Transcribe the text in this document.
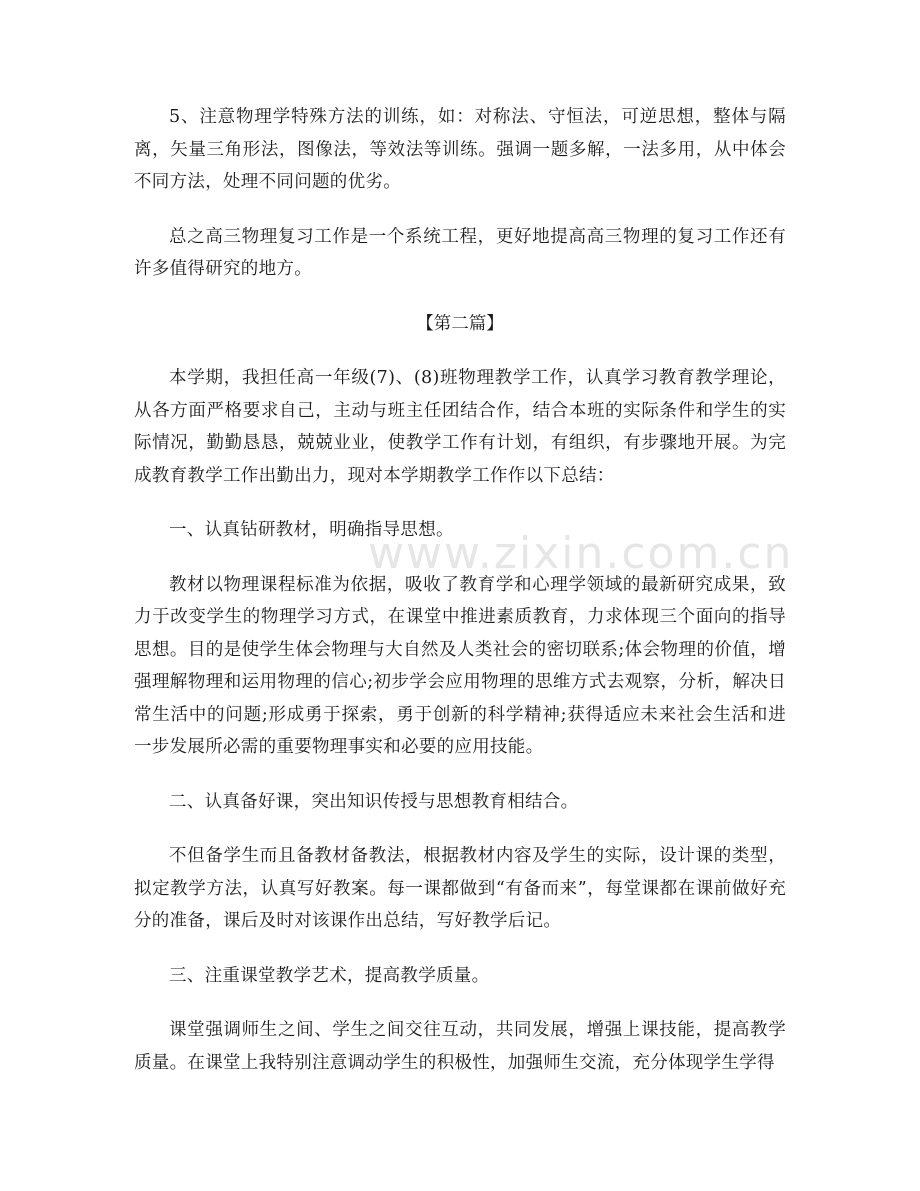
www.zixin.com.cn

5、注意物理学特殊方法的训练，如：对称法、守恒法，可逆思想，整体与隔离，矢量三角形法，图像法，等效法等训练。强调一题多解，一法多用，从中体会不同方法，处理不同问题的优劣。

总之高三物理复习工作是一个系统工程，更好地提高高三物理的复习工作还有许多值得研究的地方。

【第二篇】

本学期，我担任高一年级(7)、(8)班物理教学工作，认真学习教育教学理论，从各方面严格要求自己，主动与班主任团结合作，结合本班的实际条件和学生的实际情况，勤勤恳恳，兢兢业业，使教学工作有计划，有组织，有步骤地开展。为完成教育教学工作出勤出力，现对本学期教学工作作以下总结：

一、认真钻研教材，明确指导思想。

教材以物理课程标准为依据，吸收了教育学和心理学领域的最新研究成果，致力于改变学生的物理学习方式，在课堂中推进素质教育，力求体现三个面向的指导思想。目的是使学生体会物理与大自然及人类社会的密切联系;体会物理的价值，增强理解物理和运用物理的信心;初步学会应用物理的思维方式去观察，分析，解决日常生活中的问题;形成勇于探索，勇于创新的科学精神;获得适应未来社会生活和进一步发展所必需的重要物理事实和必要的应用技能。

二、认真备好课，突出知识传授与思想教育相结合。

不但备学生而且备教材备教法，根据教材内容及学生的实际，设计课的类型，拟定教学方法，认真写好教案。每一课都做到“有备而来”，每堂课都在课前做好充分的准备，课后及时对该课作出总结，写好教学后记。

三、注重课堂教学艺术，提高教学质量。

课堂强调师生之间、学生之间交往互动，共同发展，增强上课技能，提高教学质量。在课堂上我特别注意调动学生的积极性，加强师生交流，充分体现学生学得
